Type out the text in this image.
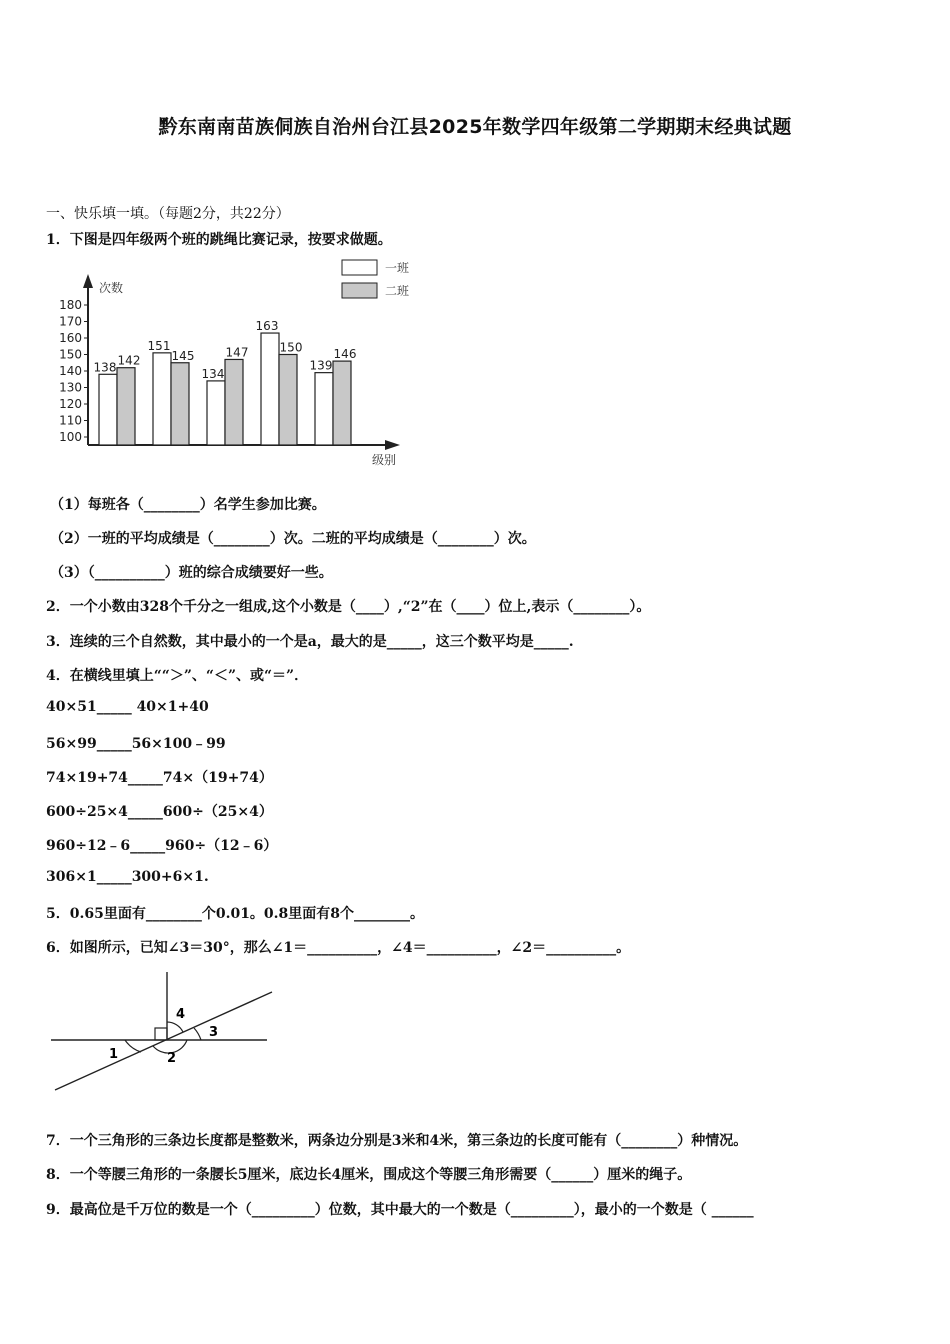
黔东南南苗族侗族自治州台江县2025年数学四年级第二学期期末经典试题
一、快乐填一填。（每题2分，共22分）
1．下图是四年级两个班的跳绳比赛记录，按要求做题。
100
110
120
130
140
150
160
170
180
次数
级别
一班
二班
138 142
151
145
134
147
163
150
139
146
（1）每班各（________）名学生参加比赛。
（2）一班的平均成绩是（________）次。二班的平均成绩是（________）次。
（3）（__________）班的综合成绩要好一些。
2．一个小数由328个千分之一组成,这个小数是（____）,“2”在（____）位上,表示（________）。
3．连续的三个自然数，其中最小的一个是a，最大的是_____，这三个数平均是_____.
4．在横线里填上““＞”、“＜”、或“＝”．
40×51_____ 40×1+40
56×99_____56×100﹣99
74×19+74_____74×（19+74）
600÷25×4_____600÷（25×4）
960÷12﹣6_____960÷（12﹣6）
306×1_____300+6×1.
5．0.65里面有________个0.01。0.8里面有8个________。
6．如图所示，已知∠3＝30°，那么∠1＝__________，∠4＝__________，∠2＝__________。
1	2
3
4
7．一个三角形的三条边长度都是整数米，两条边分别是3米和4米，第三条边的长度可能有（________）种情况。
8．一个等腰三角形的一条腰长5厘米，底边长4厘米，围成这个等腰三角形需要（______）厘米的绳子。
9．最高位是千万位的数是一个（_________）位数，其中最大的一个数是（_________），最小的一个数是（ ______
